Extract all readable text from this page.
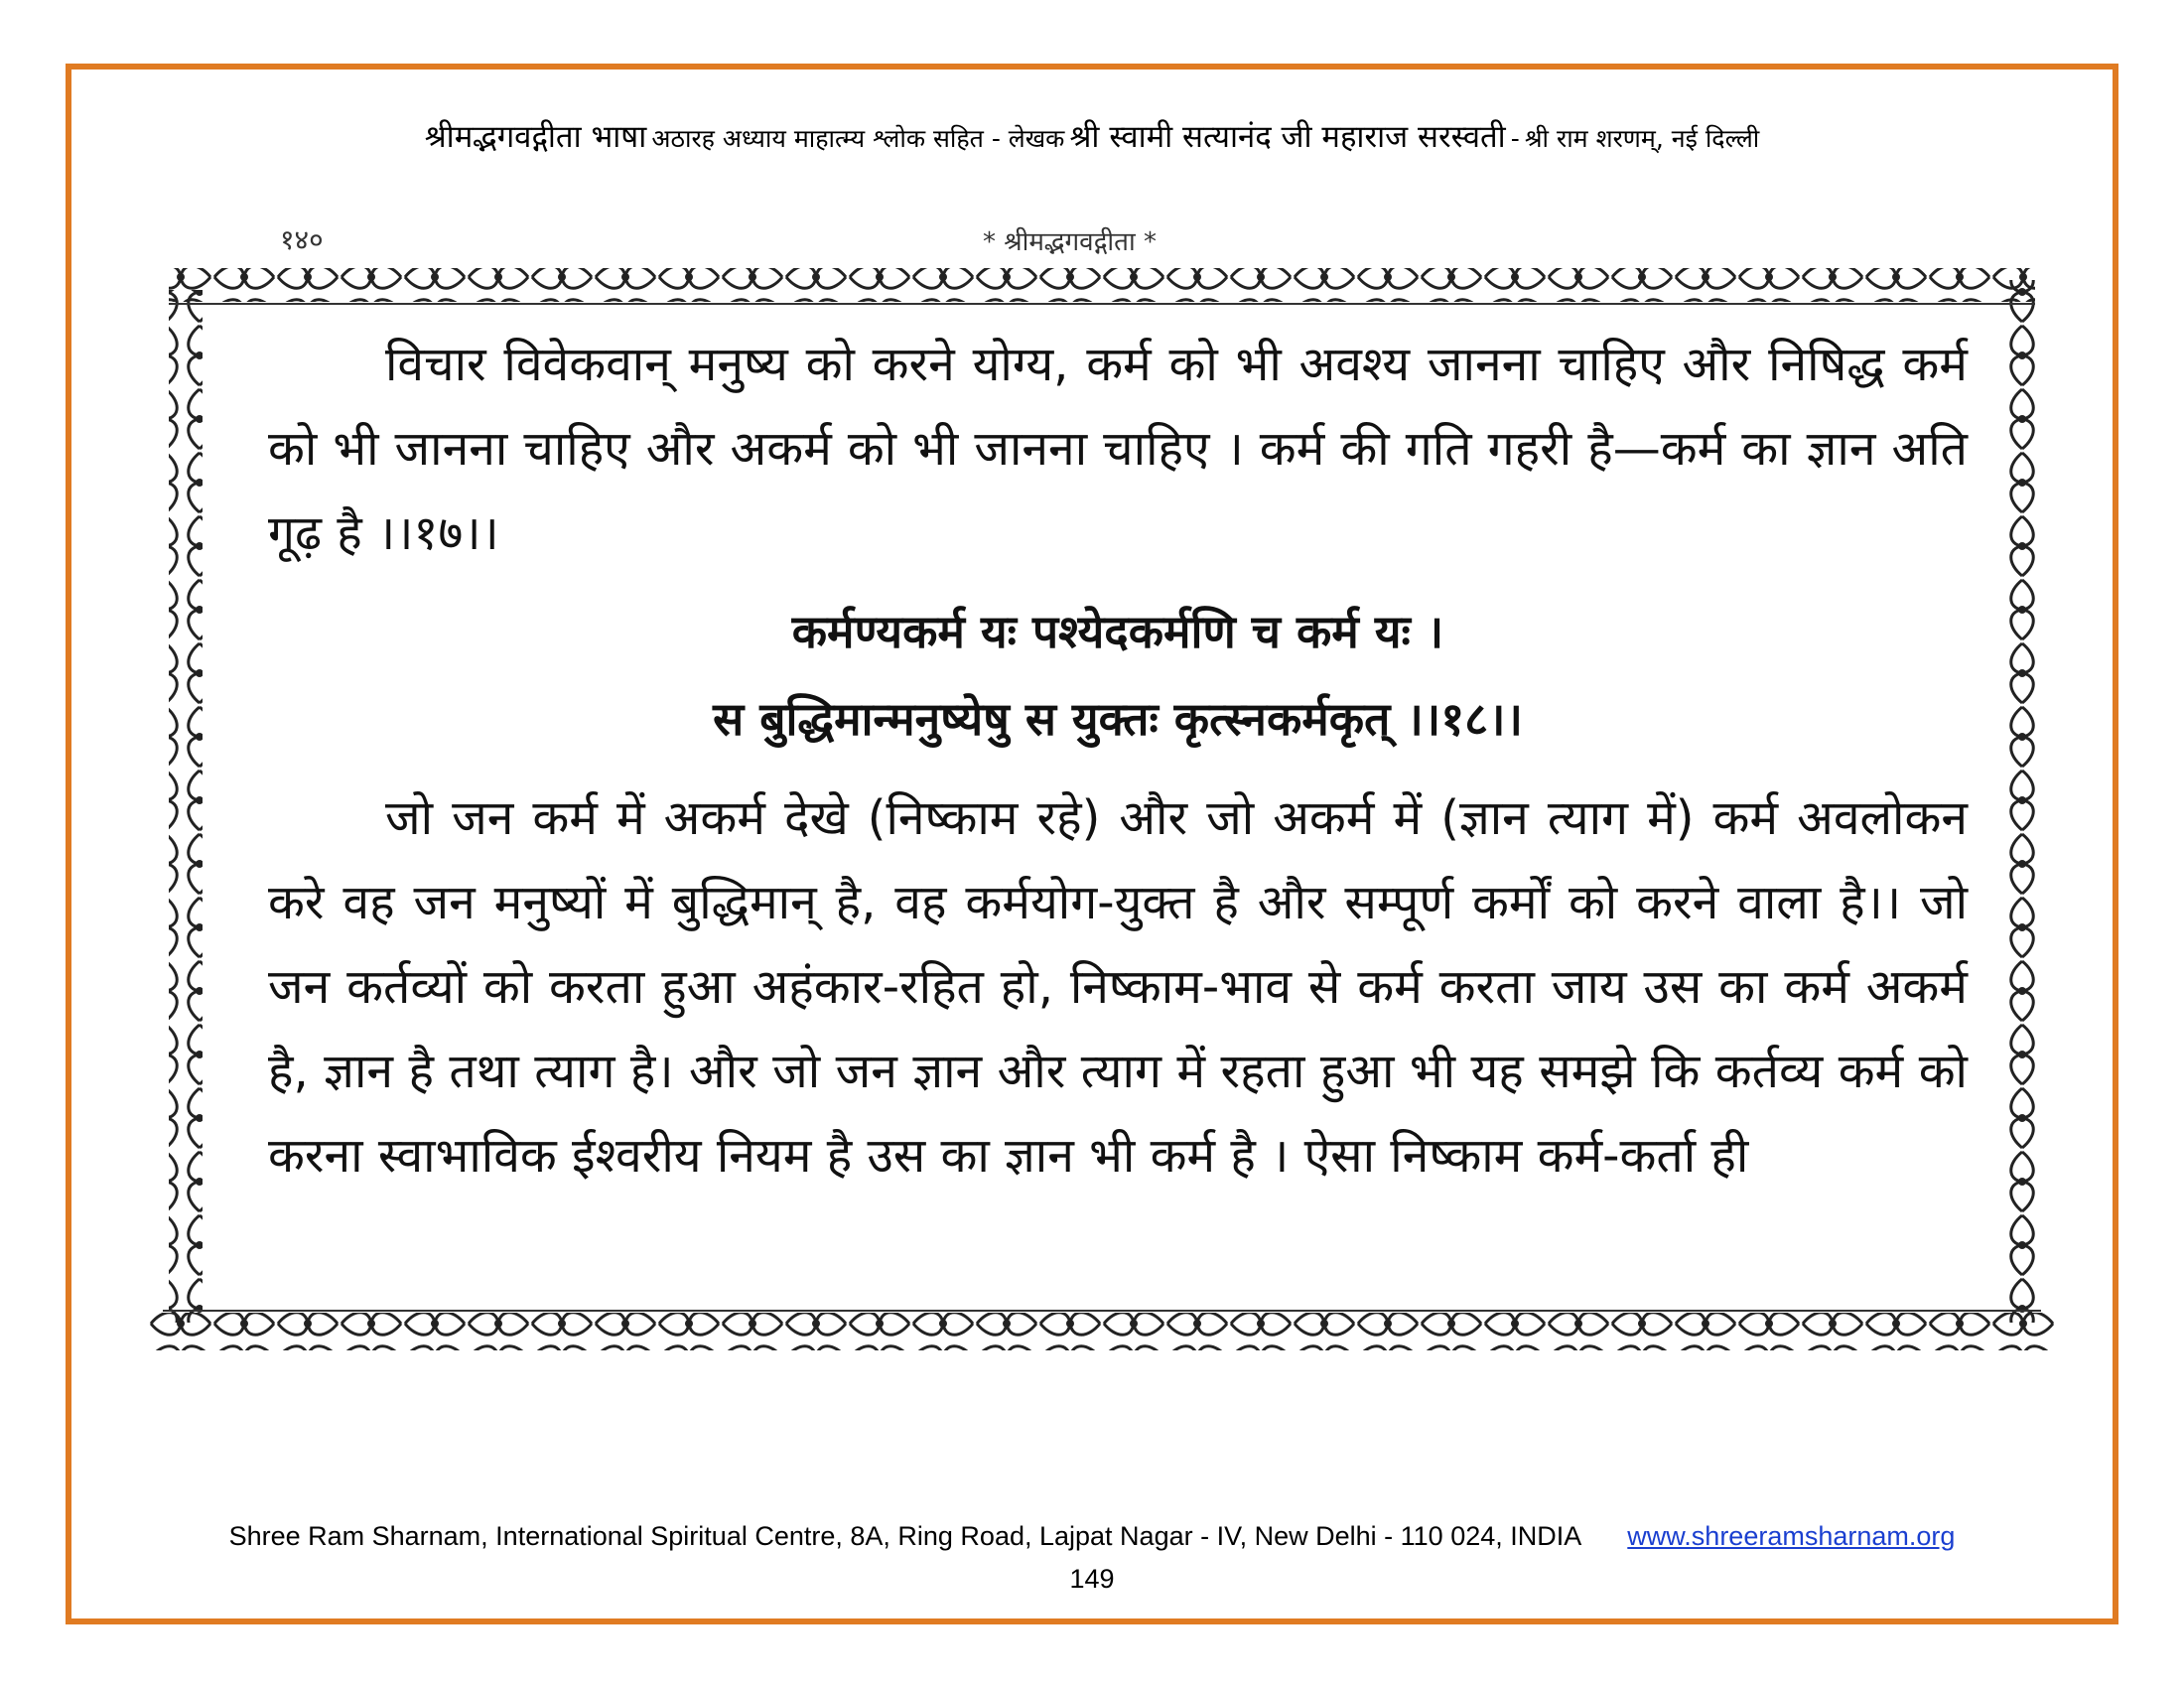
श्रीमद्भगवद्गीता भाषा अठारह अध्याय माहात्म्य श्लोक सहित - लेखक श्री स्वामी सत्यानंद जी महाराज सरस्वती - श्री राम शरणम्, नई दिल्ली
१४०	* श्रीमद्भगवद्गीता *

विचार विवेकवान् मनुष्य को करने योग्य, कर्म को भी अवश्य जानना चाहिए और निषिद्ध कर्म को भी जानना चाहिए और अकर्म को भी जानना चाहिए । कर्म की गति गहरी है—कर्म का ज्ञान अति गूढ़ है ।।१७।।

कर्मण्यकर्म यः पश्येदकर्मणि च कर्म यः ।
स बुद्धिमान्मनुष्येषु स युक्तः कृत्स्नकर्मकृत् ।।१८।।

जो जन कर्म में अकर्म देखे (निष्काम रहे) और जो अकर्म में (ज्ञान त्याग में) कर्म अवलोकन करे वह जन मनुष्यों में बुद्धिमान् है, वह कर्मयोग-युक्त है और सम्पूर्ण कर्मों को करने वाला है।। जो जन कर्तव्यों को करता हुआ अहंकार-रहित हो, निष्काम-भाव से कर्म करता जाय उस का कर्म अकर्म है, ज्ञान है तथा त्याग है। और जो जन ज्ञान और त्याग में रहता हुआ भी यह समझे कि कर्तव्य कर्म को करना स्वाभाविक ईश्वरीय नियम है उस का ज्ञान भी कर्म है । ऐसा निष्काम कर्म-कर्ता ही

Shree Ram Sharnam, International Spiritual Centre, 8A, Ring Road, Lajpat Nagar - IV, New Delhi - 110 024, INDIA www.shreeramsharnam.org
149
